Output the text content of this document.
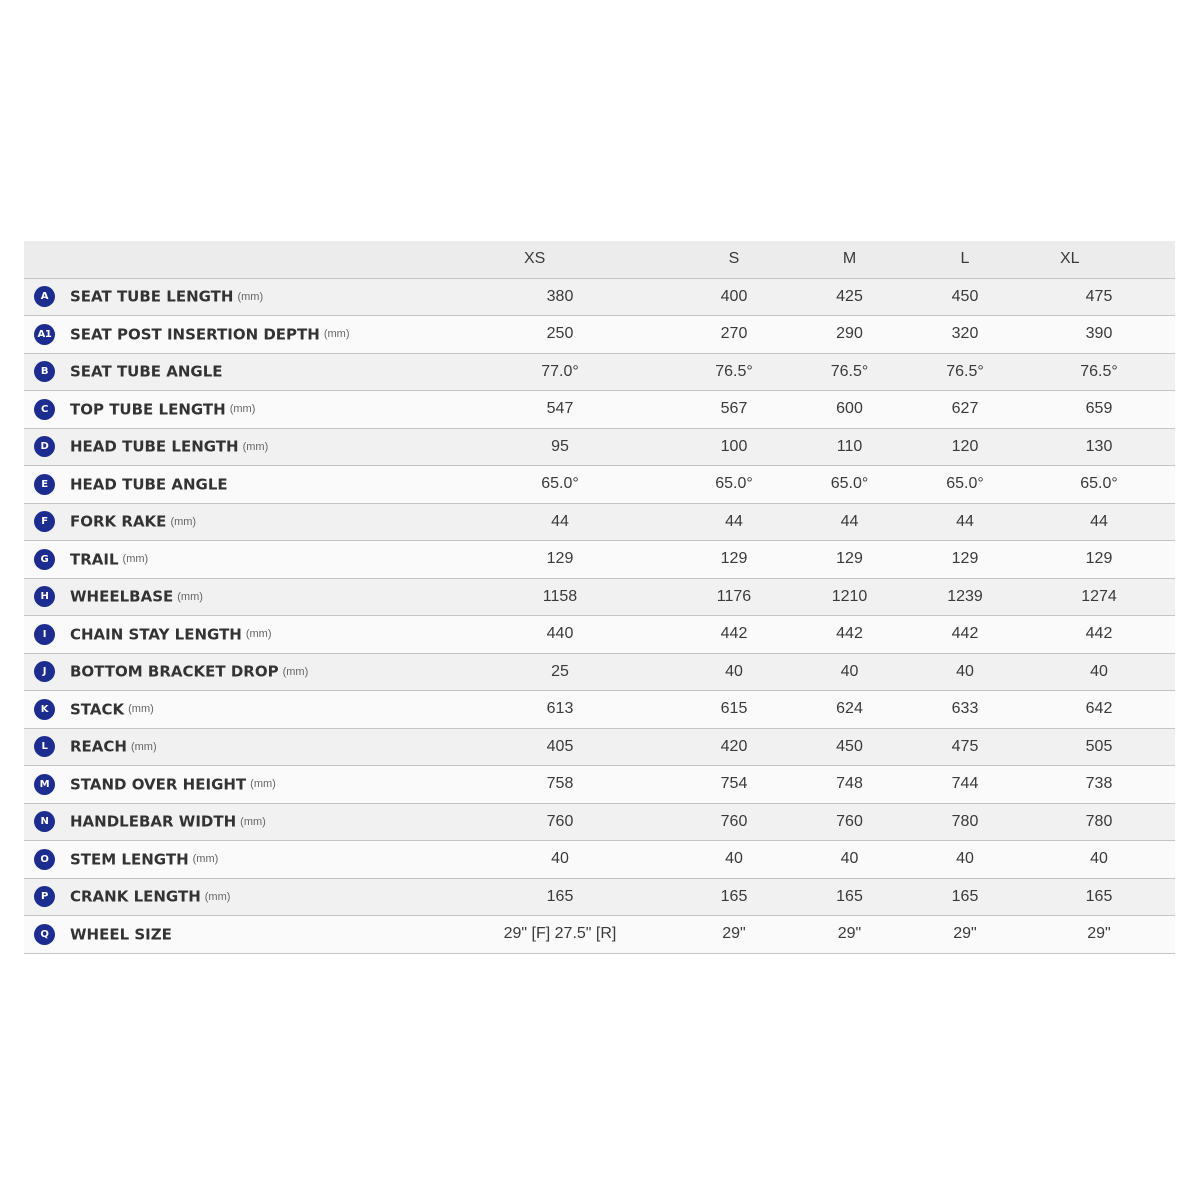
	XS	S	M	L	XL
A SEAT TUBE LENGTH (mm)	380	400	425	450	475
A1 SEAT POST INSERTION DEPTH (mm)	250	270	290	320	390
B SEAT TUBE ANGLE	77.0°	76.5°	76.5°	76.5°	76.5°
C TOP TUBE LENGTH (mm)	547	567	600	627	659
D HEAD TUBE LENGTH (mm)	95	100	110	120	130
E HEAD TUBE ANGLE	65.0°	65.0°	65.0°	65.0°	65.0°
F FORK RAKE (mm)	44	44	44	44	44
G TRAIL (mm)	129	129	129	129	129
H WHEELBASE (mm)	1158	1176	1210	1239	1274
I CHAIN STAY LENGTH (mm)	440	442	442	442	442
J BOTTOM BRACKET DROP (mm)	25	40	40	40	40
K STACK (mm)	613	615	624	633	642
L REACH (mm)	405	420	450	475	505
M STAND OVER HEIGHT (mm)	758	754	748	744	738
N HANDLEBAR WIDTH (mm)	760	760	760	780	780
O STEM LENGTH (mm)	40	40	40	40	40
P CRANK LENGTH (mm)	165	165	165	165	165
Q WHEEL SIZE	29" [F] 27.5" [R]	29"	29"	29"	29"
